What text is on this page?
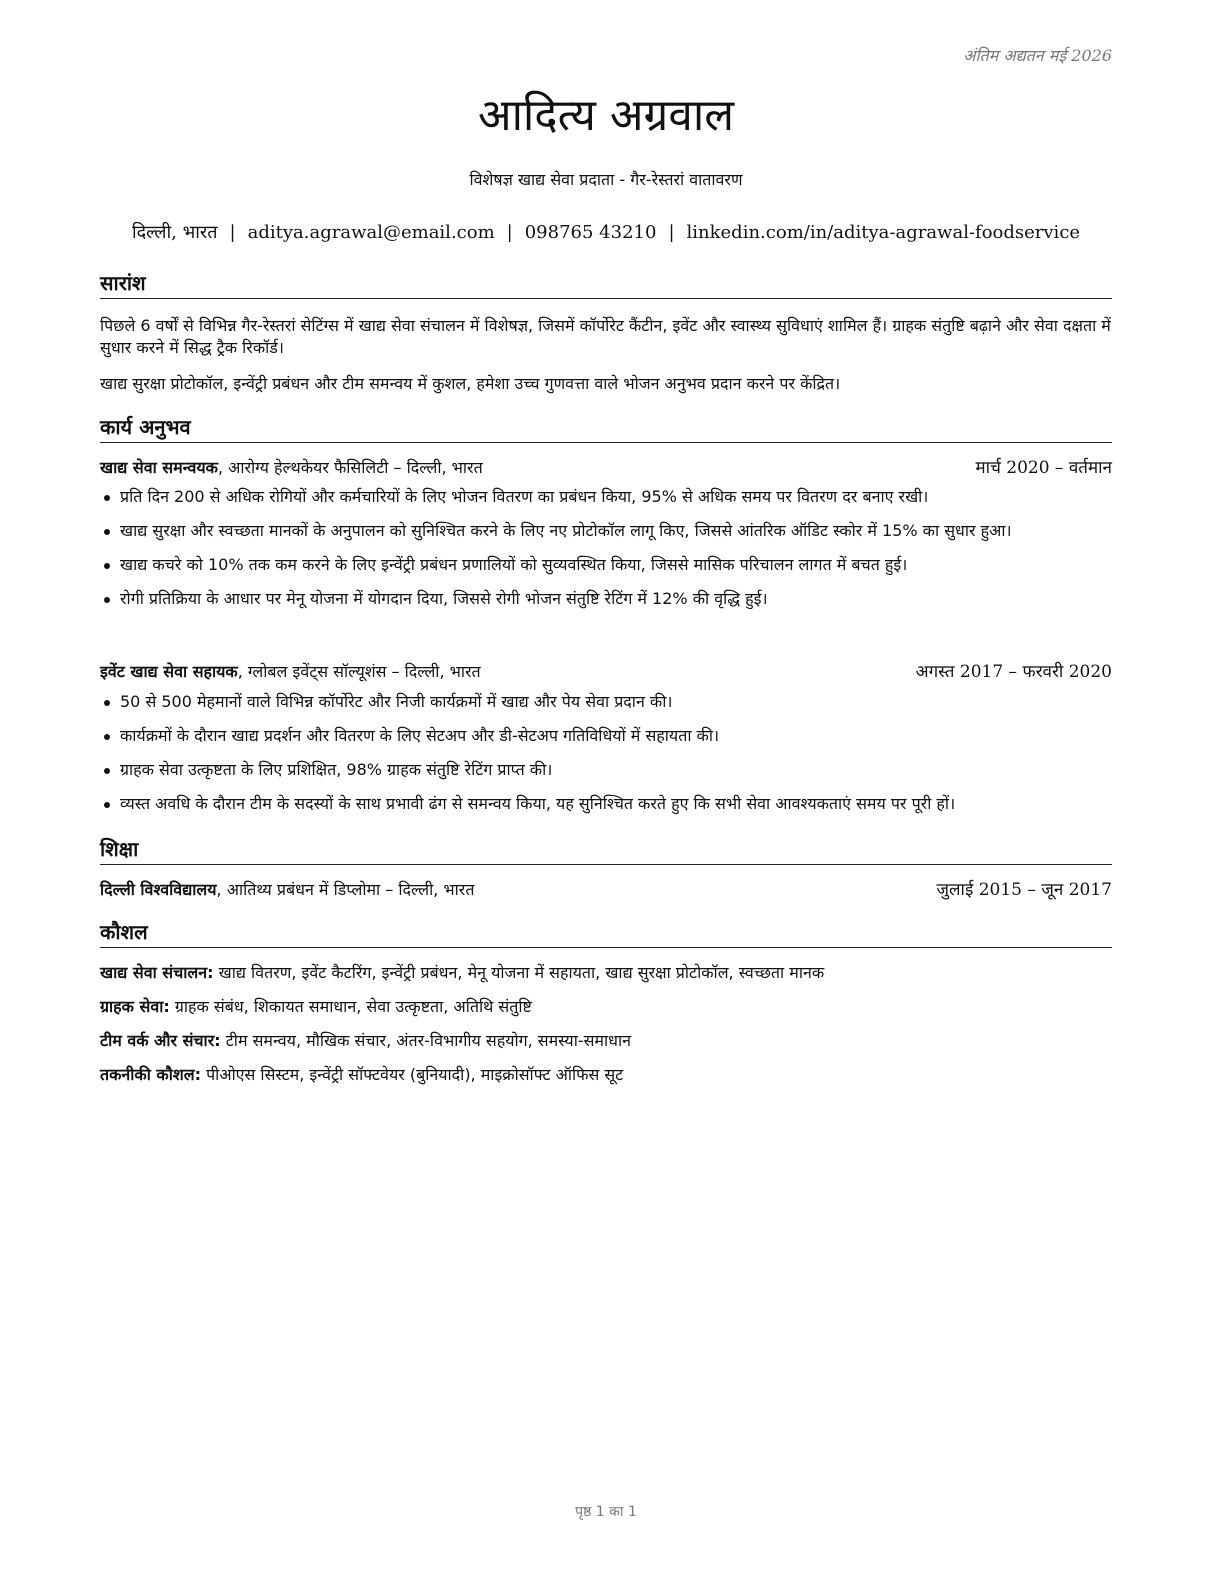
अंतिम अद्यतन मई 2026
आदित्य अग्रवाल
विशेषज्ञ खाद्य सेवा प्रदाता - गैर-रेस्तरां वातावरण
दिल्ली, भारत | aditya.agrawal@email.com | 098765 43210 | linkedin.com/in/aditya-agrawal-foodservice
सारांश
पिछले 6 वर्षों से विभिन्न गैर-रेस्तरां सेटिंग्स में खाद्य सेवा संचालन में विशेषज्ञ, जिसमें कॉर्पोरेट कैंटीन, इवेंट और स्वास्थ्य सुविधाएं शामिल हैं। ग्राहक संतुष्टि बढ़ाने और सेवा दक्षता में सुधार करने में सिद्ध ट्रैक रिकॉर्ड।
खाद्य सुरक्षा प्रोटोकॉल, इन्वेंट्री प्रबंधन और टीम समन्वय में कुशल, हमेशा उच्च गुणवत्ता वाले भोजन अनुभव प्रदान करने पर केंद्रित।
कार्य अनुभव
खाद्य सेवा समन्वयक, आरोग्य हेल्थकेयर फैसिलिटी – दिल्ली, भारत	मार्च 2020 – वर्तमान
प्रति दिन 200 से अधिक रोगियों और कर्मचारियों के लिए भोजन वितरण का प्रबंधन किया, 95% से अधिक समय पर वितरण दर बनाए रखी।
खाद्य सुरक्षा और स्वच्छता मानकों के अनुपालन को सुनिश्चित करने के लिए नए प्रोटोकॉल लागू किए, जिससे आंतरिक ऑडिट स्कोर में 15% का सुधार हुआ।
खाद्य कचरे को 10% तक कम करने के लिए इन्वेंट्री प्रबंधन प्रणालियों को सुव्यवस्थित किया, जिससे मासिक परिचालन लागत में बचत हुई।
रोगी प्रतिक्रिया के आधार पर मेनू योजना में योगदान दिया, जिससे रोगी भोजन संतुष्टि रेटिंग में 12% की वृद्धि हुई।
इवेंट खाद्य सेवा सहायक, ग्लोबल इवेंट्स सॉल्यूशंस – दिल्ली, भारत	अगस्त 2017 – फरवरी 2020
50 से 500 मेहमानों वाले विभिन्न कॉर्पोरेट और निजी कार्यक्रमों में खाद्य और पेय सेवा प्रदान की।
कार्यक्रमों के दौरान खाद्य प्रदर्शन और वितरण के लिए सेटअप और डी-सेटअप गतिविधियों में सहायता की।
ग्राहक सेवा उत्कृष्टता के लिए प्रशिक्षित, 98% ग्राहक संतुष्टि रेटिंग प्राप्त की।
व्यस्त अवधि के दौरान टीम के सदस्यों के साथ प्रभावी ढंग से समन्वय किया, यह सुनिश्चित करते हुए कि सभी सेवा आवश्यकताएं समय पर पूरी हों।
शिक्षा
दिल्ली विश्वविद्यालय, आतिथ्य प्रबंधन में डिप्लोमा – दिल्ली, भारत	जुलाई 2015 – जून 2017
कौशल
खाद्य सेवा संचालन: खाद्य वितरण, इवेंट कैटरिंग, इन्वेंट्री प्रबंधन, मेनू योजना में सहायता, खाद्य सुरक्षा प्रोटोकॉल, स्वच्छता मानक
ग्राहक सेवा: ग्राहक संबंध, शिकायत समाधान, सेवा उत्कृष्टता, अतिथि संतुष्टि
टीम वर्क और संचार: टीम समन्वय, मौखिक संचार, अंतर-विभागीय सहयोग, समस्या-समाधान
तकनीकी कौशल: पीओएस सिस्टम, इन्वेंट्री सॉफ्टवेयर (बुनियादी), माइक्रोसॉफ्ट ऑफिस सूट
पृष्ठ 1 का 1
